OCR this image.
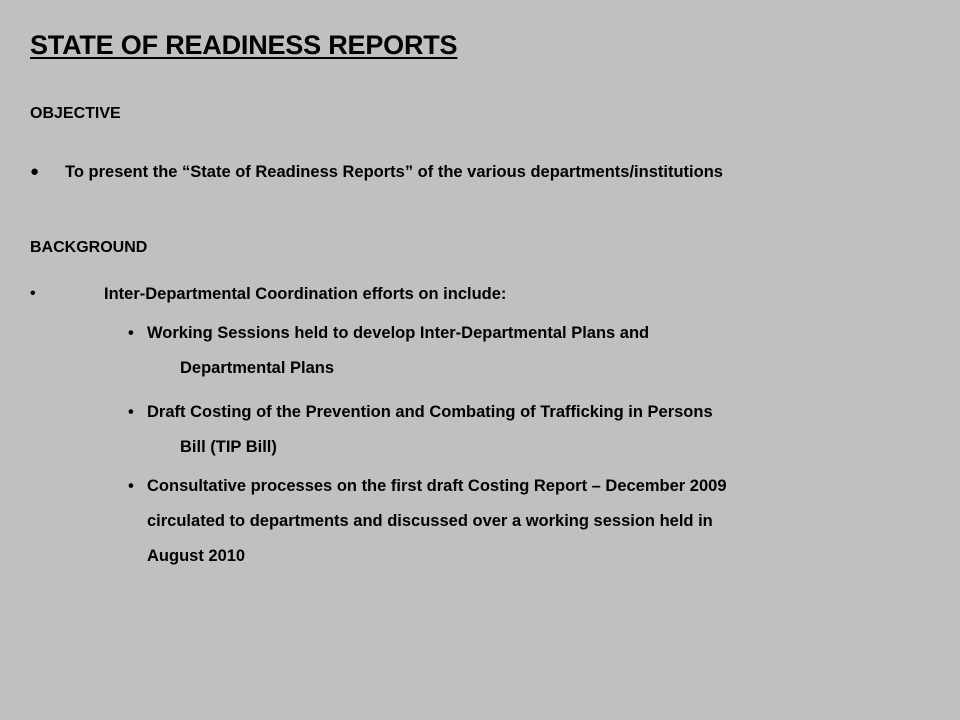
STATE OF READINESS REPORTS
OBJECTIVE
● To present the “State of Readiness Reports” of the various departments/institutions
BACKGROUND
•	Inter-Departmental Coordination efforts on include:
• Working Sessions held to develop Inter-Departmental Plans and
Departmental Plans
• Draft Costing of the Prevention and Combating of Trafficking in Persons
Bill (TIP Bill)
• Consultative processes on the first draft Costing Report – December 2009
circulated to departments and discussed over a working session held in
August 2010
